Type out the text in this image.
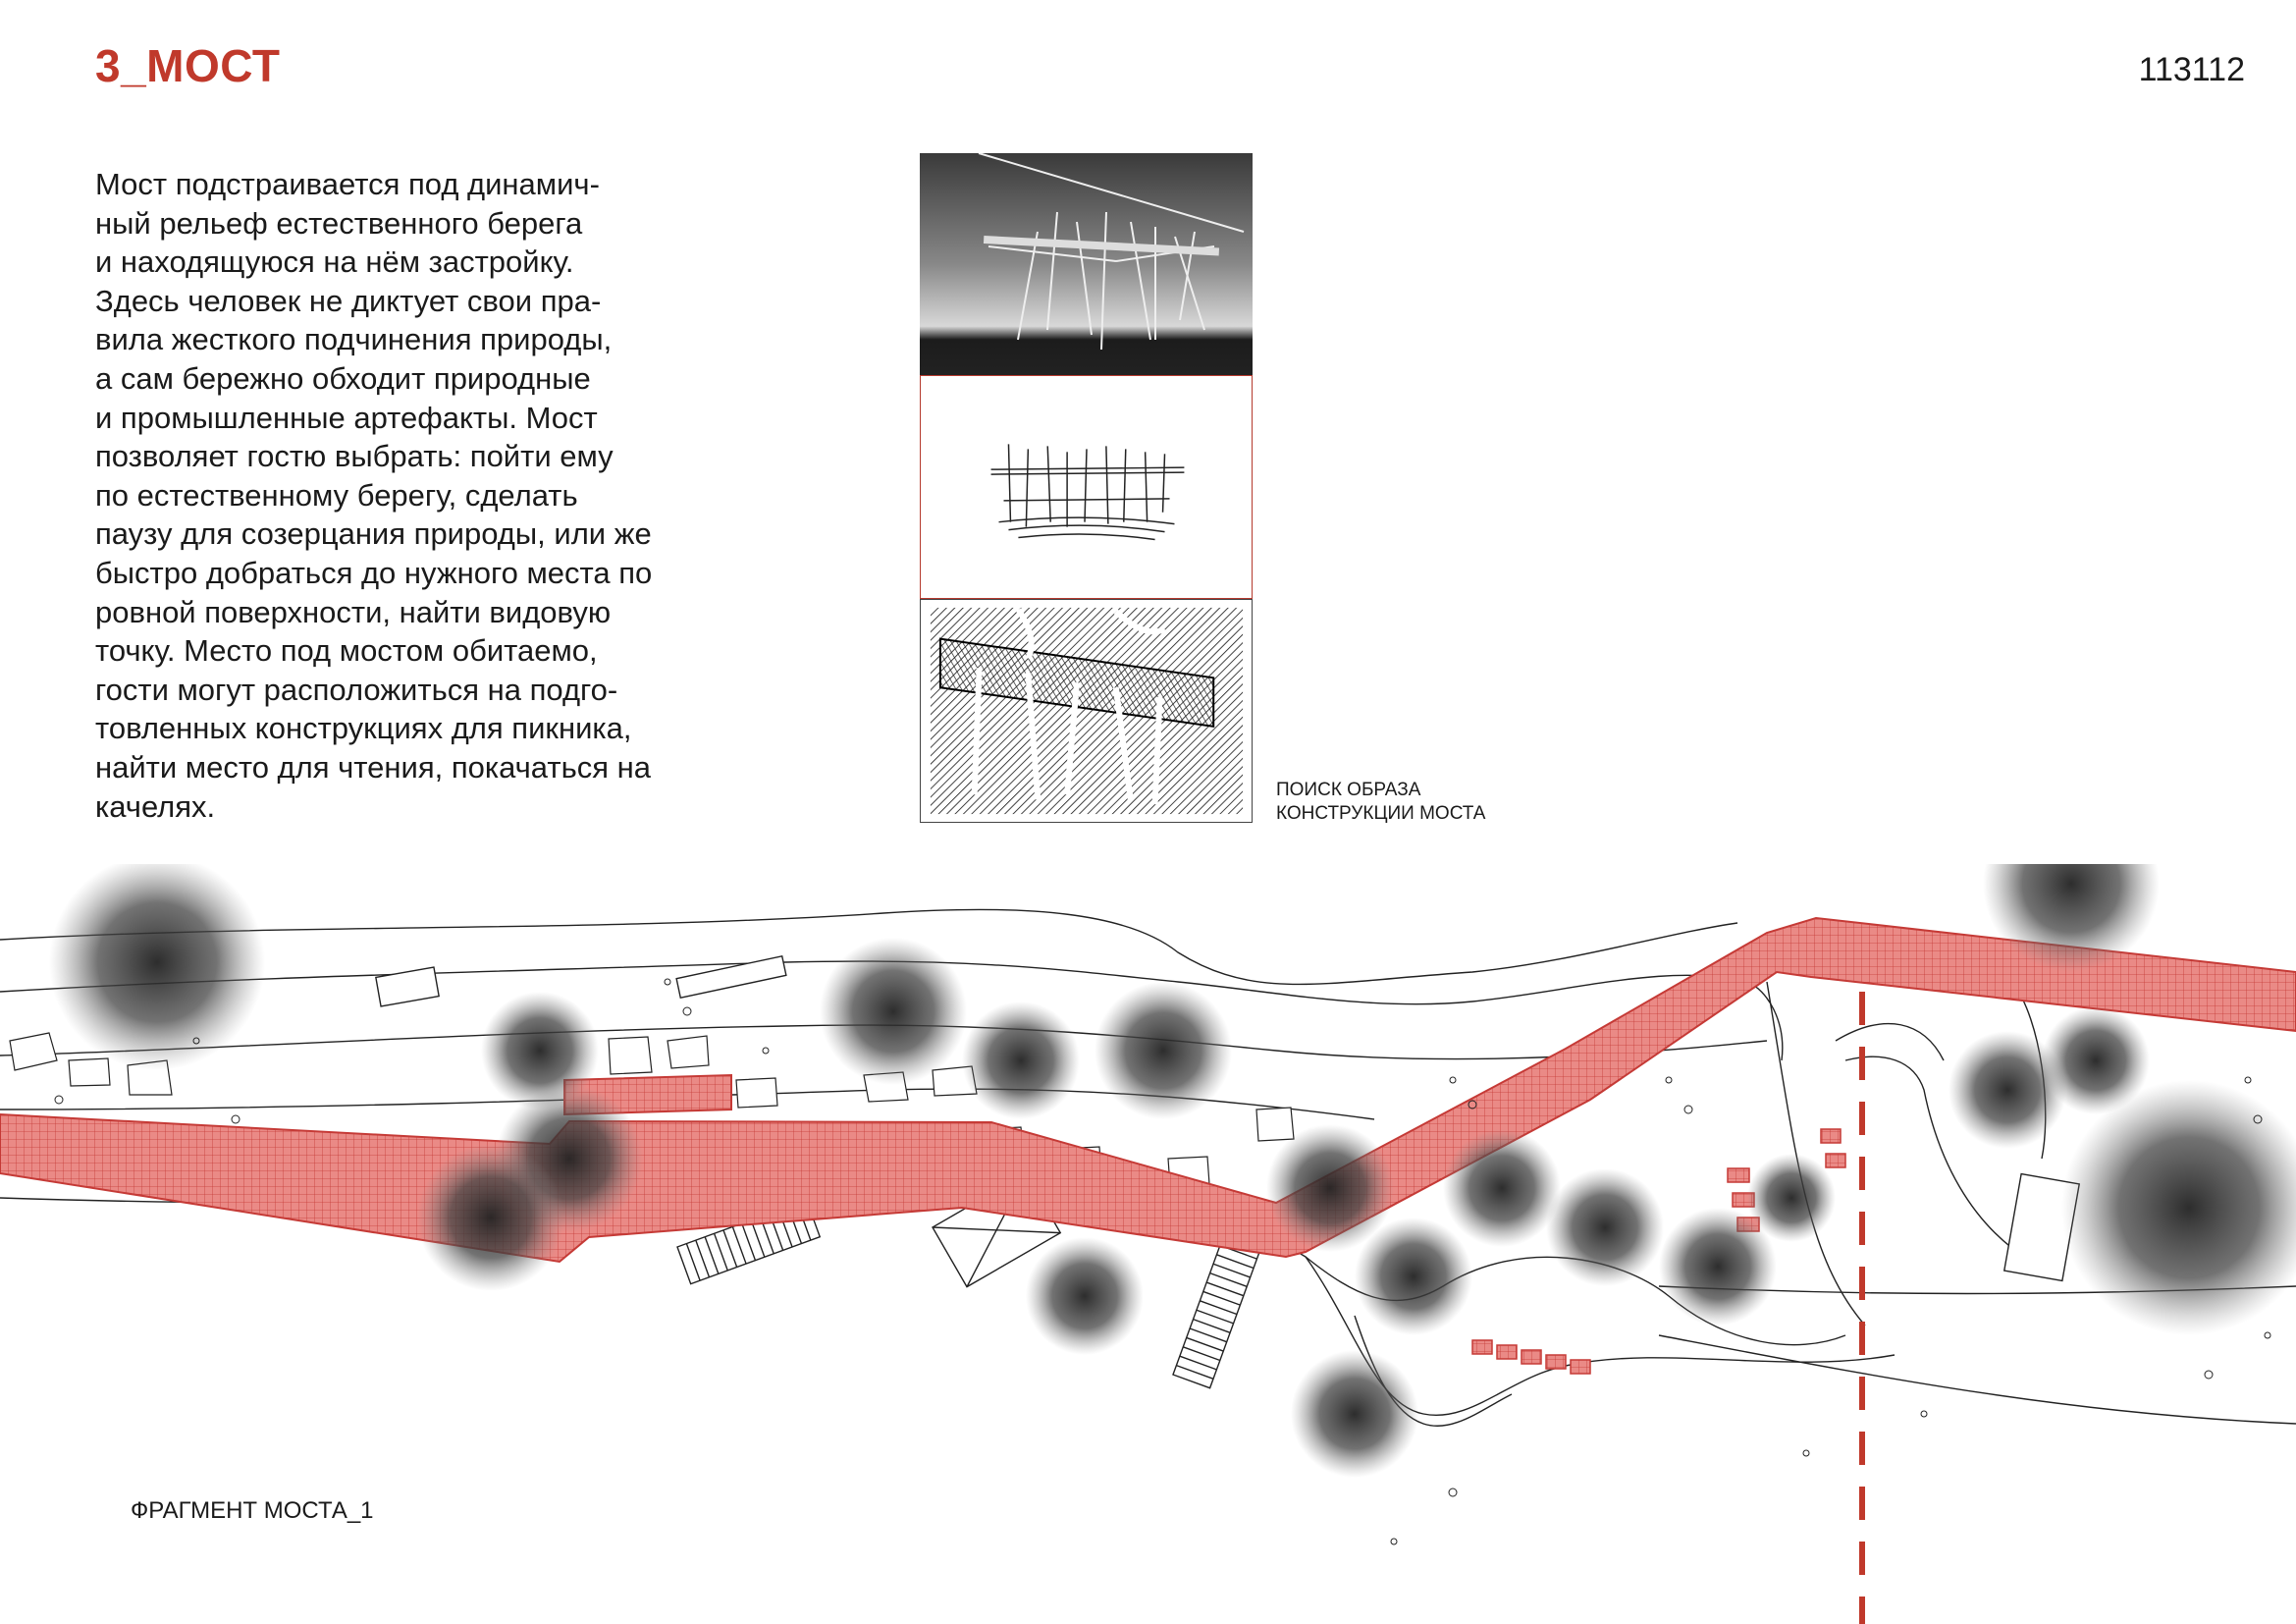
3_МОСТ	113112
Мост подстраивается под динамич-
ный рельеф естественного берега
и находящуюся на нём застройку.
Здесь человек не диктует свои пра-
вила жесткого подчинения природы,
а сам бережно обходит природные
и промышленные артефакты. Мост
позволяет гостю выбрать: пойти ему
по естественному берегу, сделать
паузу для созерцания природы, или же
быстро добраться до нужного места по
ровной поверхности, найти видовую
точку. Место под мостом обитаемо,
гости могут расположиться на подго-
товленных конструкциях для пикника,
найти место для чтения, покачаться на
качелях.	ПОИСК ОБРАЗА
КОНСТРУКЦИИ МОСТА
ФРАГМЕНТ МОСТА_1
